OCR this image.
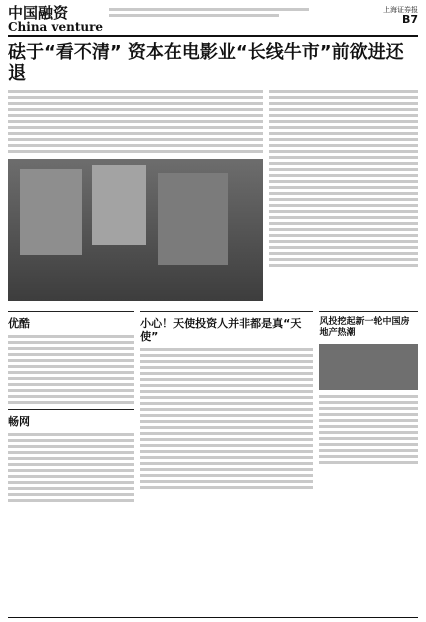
中国融资
China venture
上海证券报
B7
砝于“看不清” 资本在电影业“长线牛市”前欲进还退
优酷
畅网
小心！天使投资人并非都是真“天使”
风投挖起新一轮中国房地产热潮
